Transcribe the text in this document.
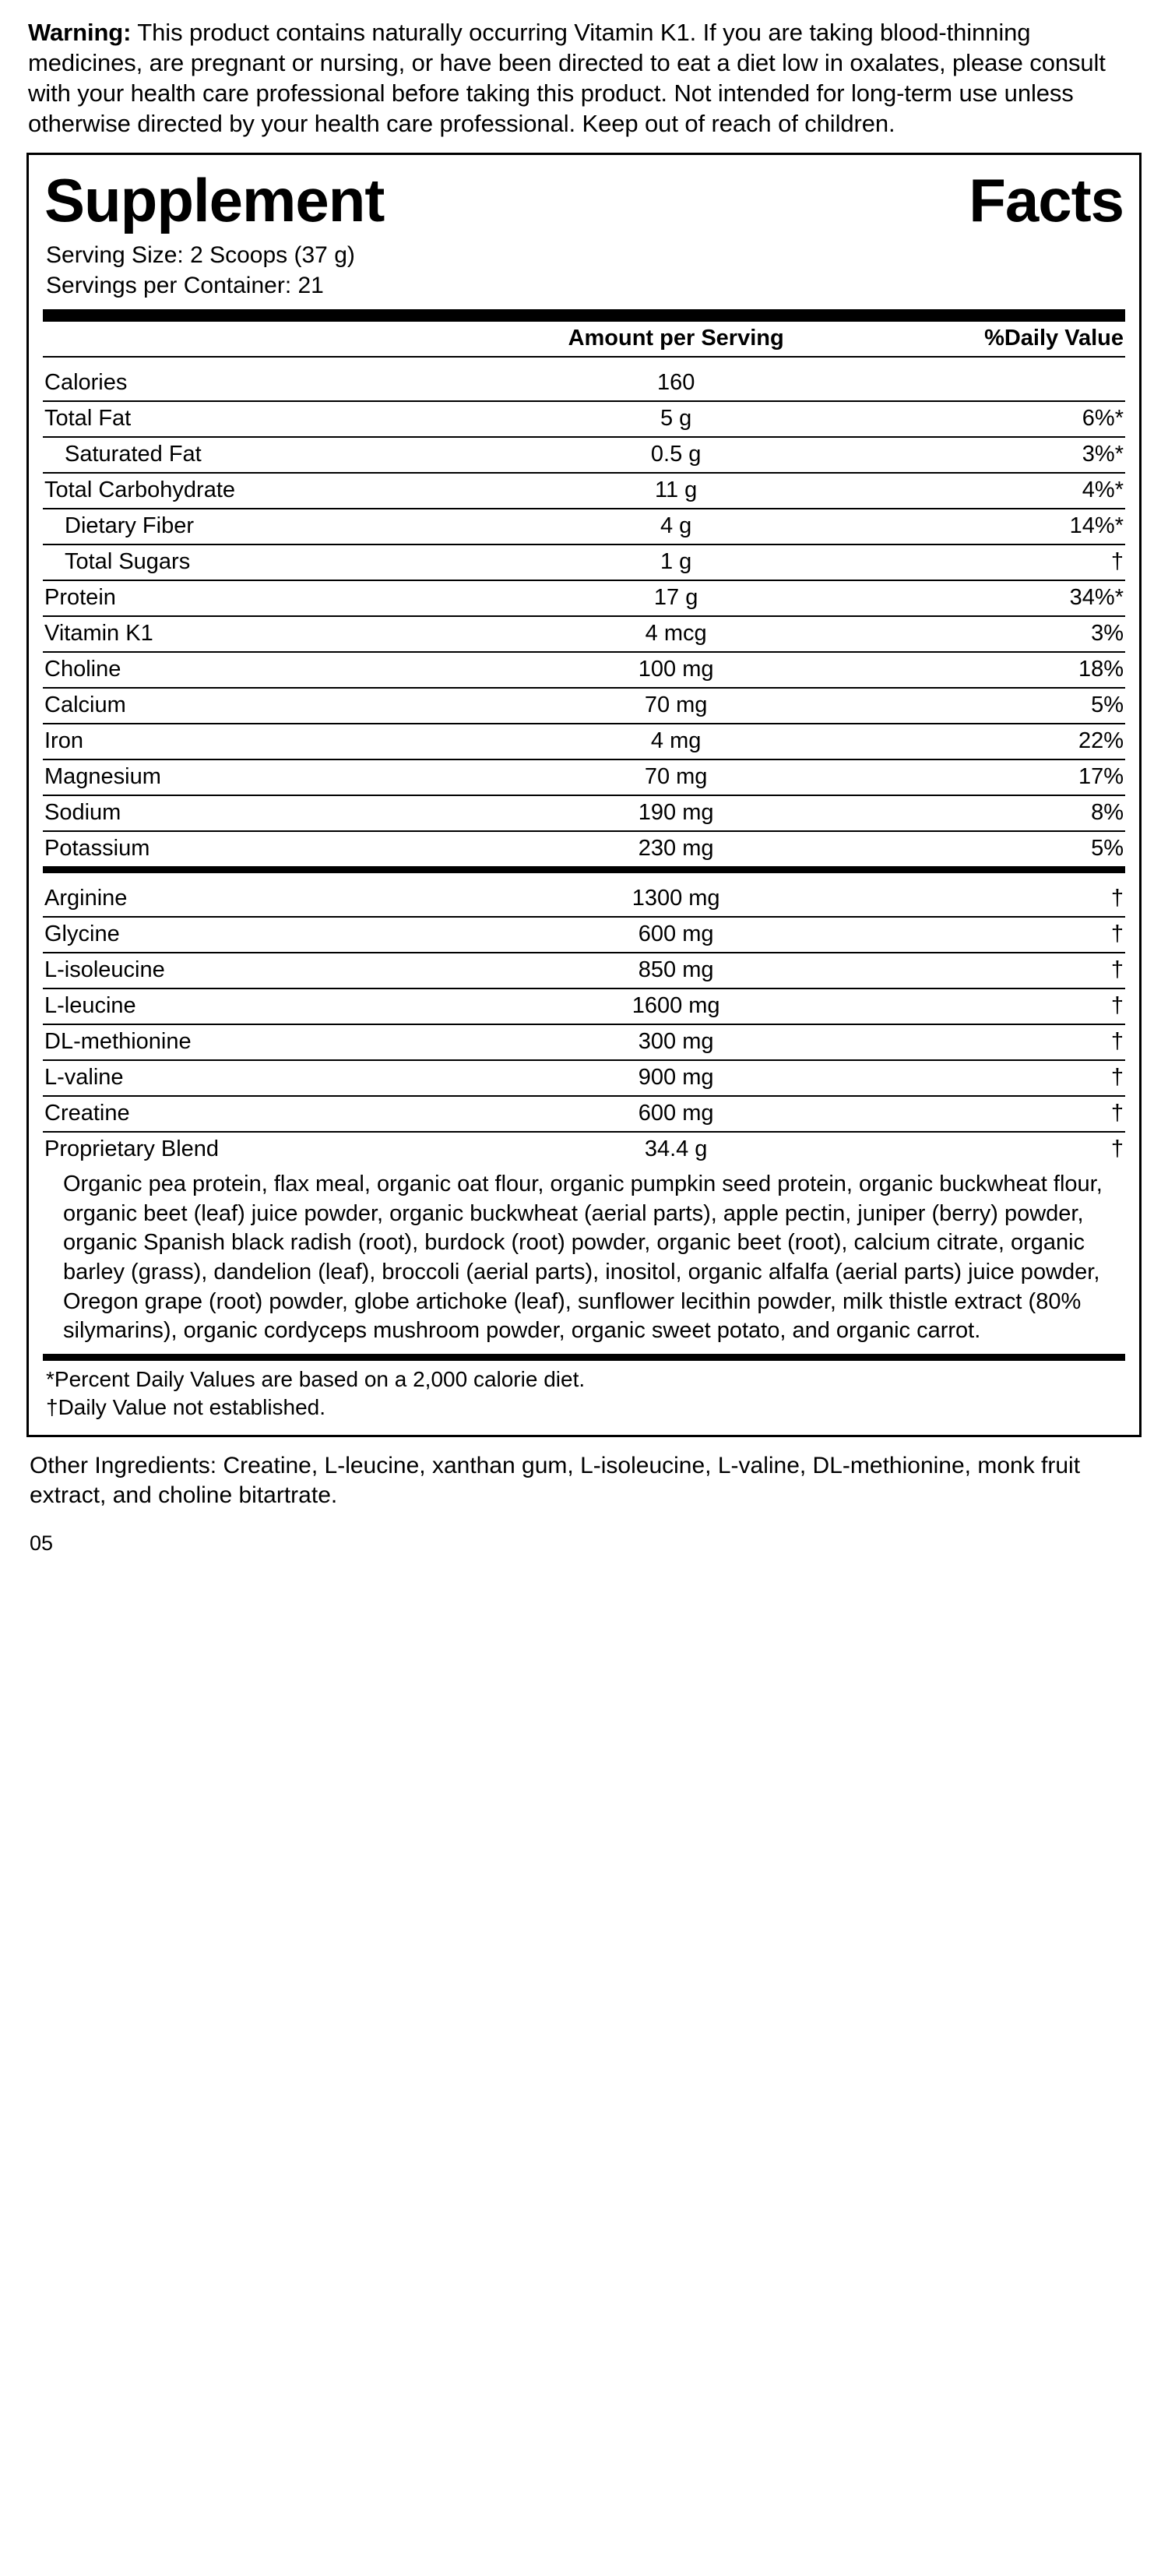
Warning: This product contains naturally occurring Vitamin K1. If you are taking blood-thinning medicines, are pregnant or nursing, or have been directed to eat a diet low in oxalates, please consult with your health care professional before taking this product. Not intended for long-term use unless otherwise directed by your health care professional. Keep out of reach of children.

Supplement	Facts
Serving Size: 2 Scoops (37 g)
Servings per Container: 21
	Amount per Serving	%Daily Value

Calories	160	
Total Fat	5 g	6%*
Saturated Fat	0.5 g	3%*
Total Carbohydrate	11 g	4%*
Dietary Fiber	4 g	14%*
Total Sugars	1 g	†
Protein	17 g	34%*
Vitamin K1	4 mcg	3%
Choline	100 mg	18%
Calcium	70 mg	5%
Iron	4 mg	22%
Magnesium	70 mg	17%
Sodium	190 mg	8%
Potassium	230 mg	5%

Arginine	1300 mg	†
Glycine	600 mg	†
L-isoleucine	850 mg	†
L-leucine	1600 mg	†
DL-methionine	300 mg	†
L-valine	900 mg	†
Creatine	600 mg	†
Proprietary Blend	34.4 g	†
Organic pea protein, flax meal, organic oat flour, organic pumpkin seed protein, organic buckwheat flour, organic beet (leaf) juice powder, organic buckwheat (aerial parts), apple pectin, juniper (berry) powder, organic Spanish black radish (root), burdock (root) powder, organic beet (root), calcium citrate, organic barley (grass), dandelion (leaf), broccoli (aerial parts), inositol, organic alfalfa (aerial parts) juice powder, Oregon grape (root) powder, globe artichoke (leaf), sunflower lecithin powder, milk thistle extract (80% silymarins), organic cordyceps mushroom powder, organic sweet potato, and organic carrot.
*Percent Daily Values are based on a 2,000 calorie diet.
†Daily Value not established.

Other Ingredients: Creatine, L-leucine, xanthan gum, L-isoleucine, L-valine, DL-methionine, monk fruit extract, and choline bitartrate.

05
